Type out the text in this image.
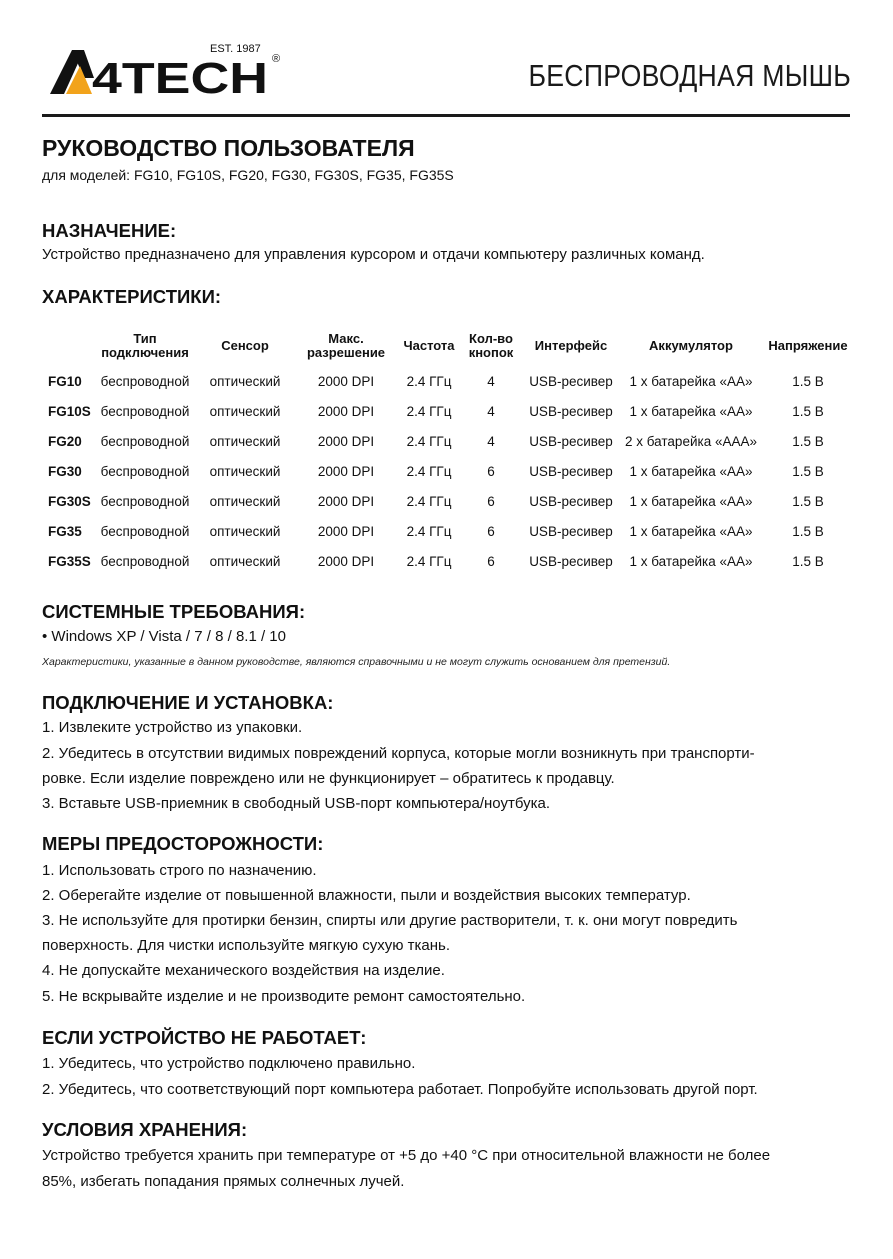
4TECH
EST. 1987
®	БЕСПРОВОДНАЯ МЫШЬ
РУКОВОДСТВО ПОЛЬЗОВАТЕЛЯ
для моделей: FG10, FG10S, FG20, FG30, FG30S, FG35, FG35S
НАЗНАЧЕНИЕ:
Устройство предназначено для управления курсором и отдачи компьютеру различных команд.
ХАРАКТЕРИСТИКИ:
	Тип подключения	Сенсор	Макс. разрешение	Частота	Кол-во кнопок	Интерфейс	Аккумулятор	Напряжение
FG10	беспроводной	оптический	2000 DPI	2.4 ГГц	4	USB-ресивер	1 х батарейка «АА»	1.5 В
FG10S	беспроводной	оптический	2000 DPI	2.4 ГГц	4	USB-ресивер	1 х батарейка «АА»	1.5 В
FG20	беспроводной	оптический	2000 DPI	2.4 ГГц	4	USB-ресивер	2 х батарейка «ААА»	1.5 В
FG30	беспроводной	оптический	2000 DPI	2.4 ГГц	6	USB-ресивер	1 х батарейка «АА»	1.5 В
FG30S	беспроводной	оптический	2000 DPI	2.4 ГГц	6	USB-ресивер	1 х батарейка «АА»	1.5 В
FG35	беспроводной	оптический	2000 DPI	2.4 ГГц	6	USB-ресивер	1 х батарейка «АА»	1.5 В
FG35S	беспроводной	оптический	2000 DPI	2.4 ГГц	6	USB-ресивер	1 х батарейка «АА»	1.5 В
СИСТЕМНЫЕ ТРЕБОВАНИЯ:
• Windows XP / Vista / 7 / 8 / 8.1 / 10
Характеристики, указанные в данном руководстве, являются справочными и не могут служить основанием для претензий.
ПОДКЛЮЧЕНИЕ И УСТАНОВКА:
1. Извлеките устройство из упаковки.
2. Убедитесь в отсутствии видимых повреждений корпуса, которые могли возникнуть при транспорти-
ровке. Если изделие повреждено или не функционирует – обратитесь к продавцу.
3. Вставьте USB-приемник в свободный USB-порт компьютера/ноутбука.
МЕРЫ ПРЕДОСТОРОЖНОСТИ:
1. Использовать строго по назначению.
2. Оберегайте изделие от повышенной влажности, пыли и воздействия высоких температур.
3. Не используйте для протирки бензин, спирты или другие растворители, т. к. они могут повредить
поверхность. Для чистки используйте мягкую сухую ткань.
4. Не допускайте механического воздействия на изделие.
5. Не вскрывайте изделие и не производите ремонт самостоятельно.
ЕСЛИ УСТРОЙСТВО НЕ РАБОТАЕТ:
1. Убедитесь, что устройство подключено правильно.
2. Убедитесь, что соответствующий порт компьютера работает. Попробуйте использовать другой порт.
УСЛОВИЯ ХРАНЕНИЯ:
Устройство требуется хранить при температуре от +5 до +40 °С при относительной влажности не более
85%, избегать попадания прямых солнечных лучей.
